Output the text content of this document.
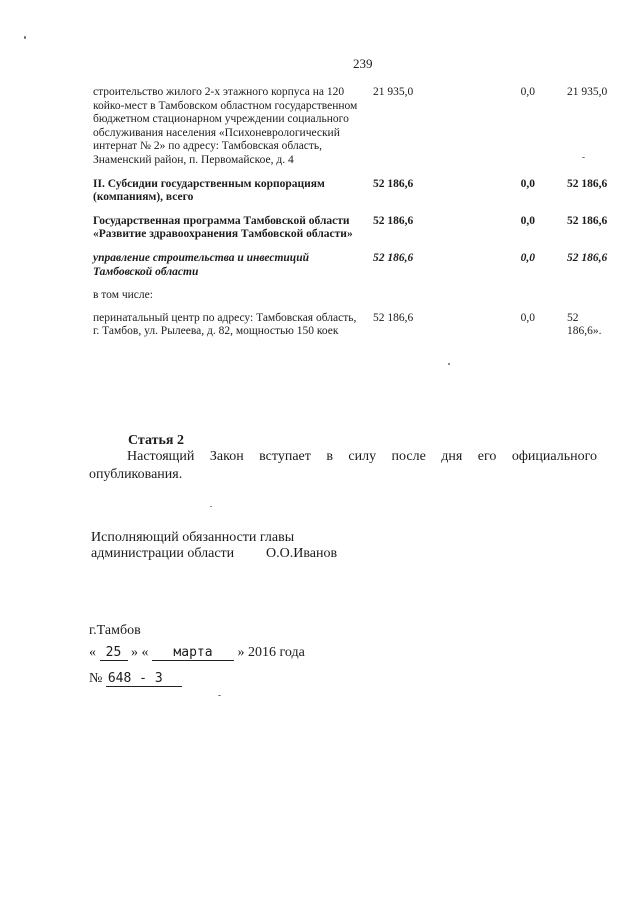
239
строительство жилого 2-х этажного корпуса на 120 койко-мест в Тамбовском областном государственном бюджетном стационарном учреждении социального обслуживания населения «Психоневрологический интернат № 2» по адресу: Тамбовская область, Знаменский район, п. Первомайское, д. 4	21 935,0	0,0	21 935,0
II. Субсидии государственным корпорациям (компаниям), всего	52 186,6	0,0	52 186,6
Государственная программа Тамбовской области «Развитие здравоохранения Тамбовской области»	52 186,6	0,0	52 186,6
управление строительства и инвестиций Тамбовской области	52 186,6	0,0	52 186,6
в том числе:			
перинатальный центр по адресу: Тамбовская область, г. Тамбов, ул. Рылеева, д. 82, мощностью 150 коек	52 186,6	0,0	52 186,6».
Статья 2
Настоящий Закон вступает в силу после дня его официального опубликования.
Исполняющий обязанности главы
администрации области	О.О.Иванов
г.Тамбов
« 25 » « марта » 2016 года
№ 648 - З
